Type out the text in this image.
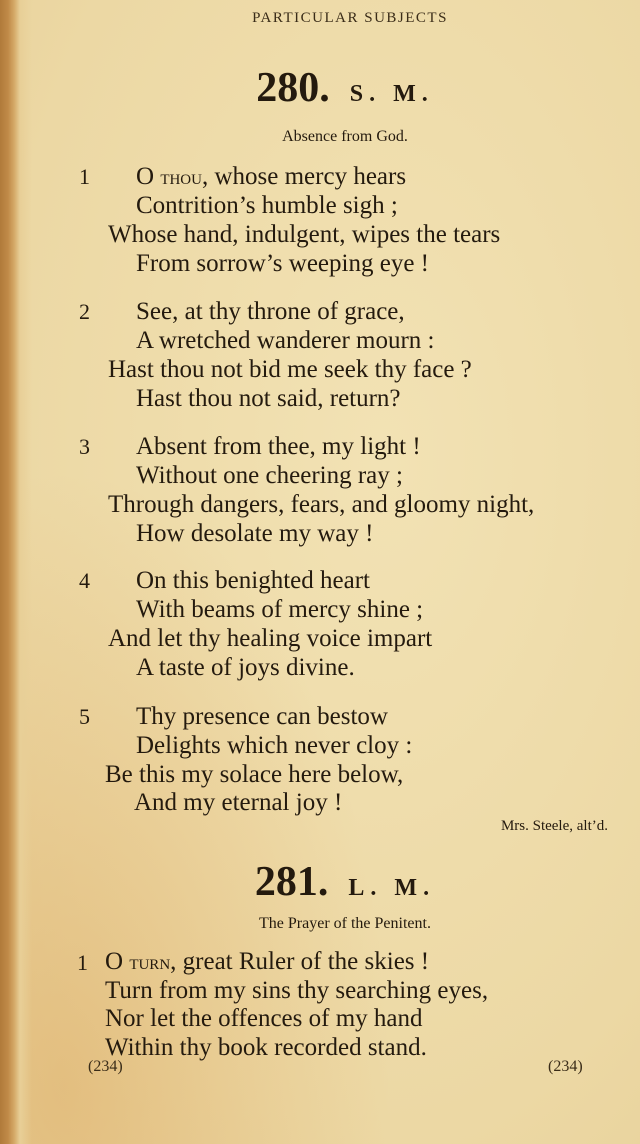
PARTICULAR SUBJECTS
280. S. M.
Absence from God.
1 O thou, whose mercy hears
Contrition’s humble sigh ;
Whose hand, indulgent, wipes the tears
From sorrow’s weeping eye !
2 See, at thy throne of grace,
A wretched wanderer mourn :
Hast thou not bid me seek thy face ?
Hast thou not said, return?
3 Absent from thee, my light !
Without one cheering ray ;
Through dangers, fears, and gloomy night,
How desolate my way !
4 On this benighted heart
With beams of mercy shine ;
And let thy healing voice impart
A taste of joys divine.
5 Thy presence can bestow
Delights which never cloy :
Be this my solace here below,
And my eternal joy !
Mrs. Steele, alt’d.
281. L. M.
The Prayer of the Penitent.
1 O turn, great Ruler of the skies !
Turn from my sins thy searching eyes,
Nor let the offences of my hand
Within thy book recorded stand.
(234)	(234)
